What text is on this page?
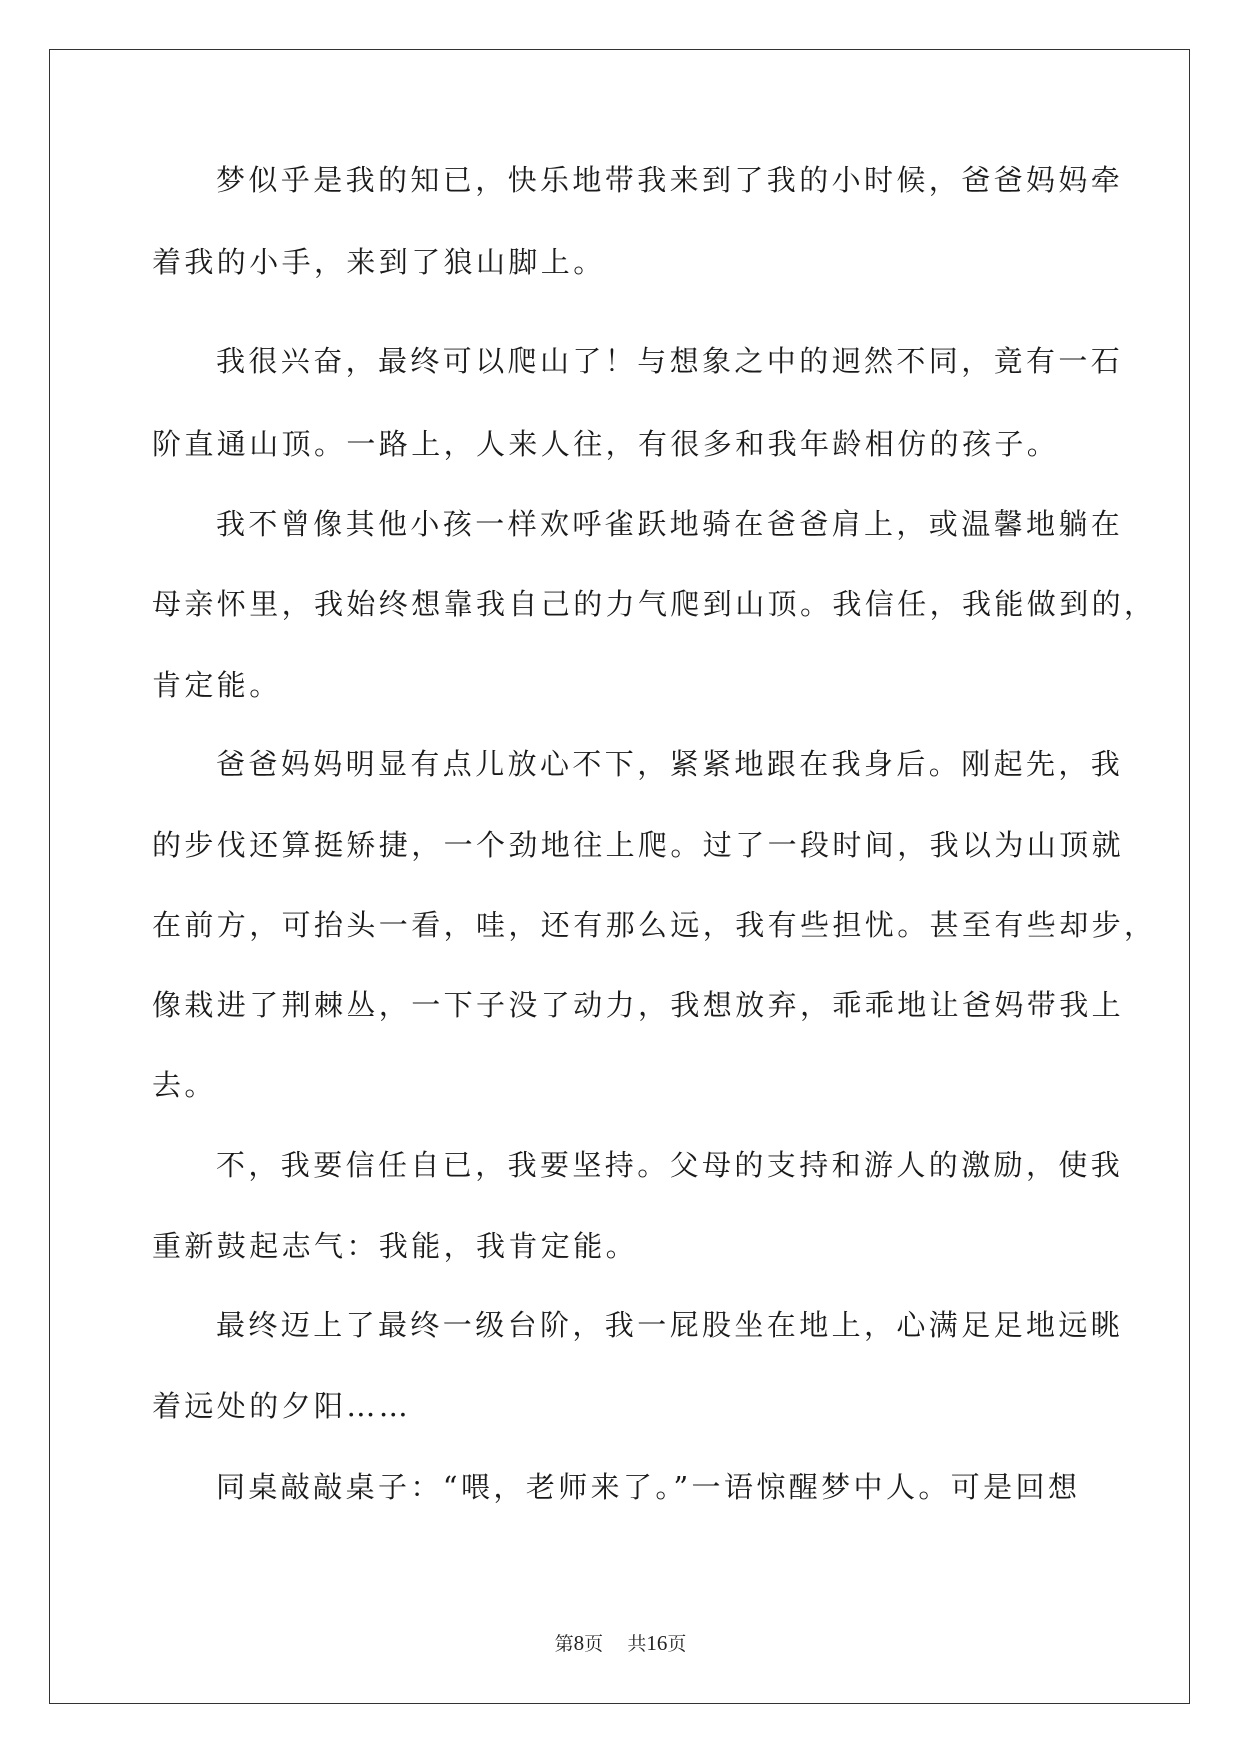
梦似乎是我的知已，快乐地带我来到了我的小时候，爸爸妈妈牵
着我的小手，来到了狼山脚上。
我很兴奋，最终可以爬山了！与想象之中的迥然不同，竟有一石
阶直通山顶。一路上，人来人往，有很多和我年龄相仿的孩子。
我不曾像其他小孩一样欢呼雀跃地骑在爸爸肩上，或温馨地躺在
母亲怀里，我始终想靠我自己的力气爬到山顶。我信任，我能做到的，
肯定能。
爸爸妈妈明显有点儿放心不下，紧紧地跟在我身后。刚起先，我
的步伐还算挺矫捷，一个劲地往上爬。过了一段时间，我以为山顶就
在前方，可抬头一看，哇，还有那么远，我有些担忧。甚至有些却步，
像栽进了荆棘丛，一下子没了动力，我想放弃，乖乖地让爸妈带我上
去。
不，我要信任自已，我要坚持。父母的支持和游人的激励，使我
重新鼓起志气：我能，我肯定能。
最终迈上了最终一级台阶，我一屁股坐在地上，心满足足地远眺
着远处的夕阳……
同桌敲敲桌子：“喂，老师来了。”一语惊醒梦中人。可是回想
第8页 共16页
